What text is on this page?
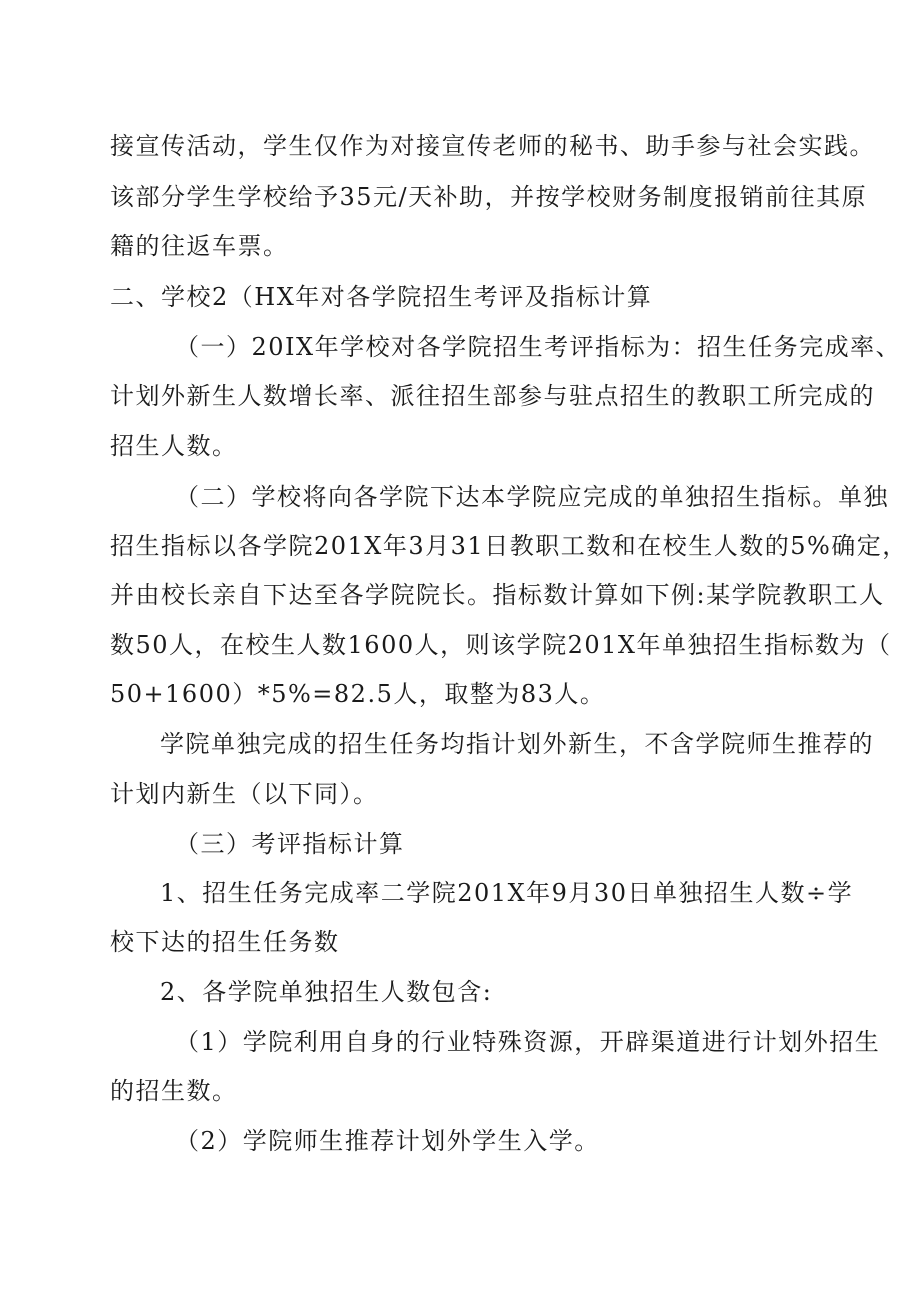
接宣传活动，学生仅作为对接宣传老师的秘书、助手参与社会实践。
该部分学生学校给予35元/天补助，并按学校财务制度报销前往其原
籍的往返车票。
二、学校2（HX年对各学院招生考评及指标计算
（一）20IX年学校对各学院招生考评指标为：招生任务完成率、
计划外新生人数增长率、派往招生部参与驻点招生的教职工所完成的
招生人数。
（二）学校将向各学院下达本学院应完成的单独招生指标。单独
招生指标以各学院201X年3月31日教职工数和在校生人数的5%确定，
并由校长亲自下达至各学院院长。指标数计算如下例:某学院教职工人
数50人，在校生人数1600人，则该学院201X年单独招生指标数为（
50+1600）*5%=82.5人，取整为83人。
学院单独完成的招生任务均指计划外新生，不含学院师生推荐的
计划内新生（以下同）。
（三）考评指标计算
1、招生任务完成率二学院201X年9月30日单独招生人数÷学
校下达的招生任务数
2、各学院单独招生人数包含:
（1）学院利用自身的行业特殊资源，开辟渠道进行计划外招生
的招生数。
（2）学院师生推荐计划外学生入学。
